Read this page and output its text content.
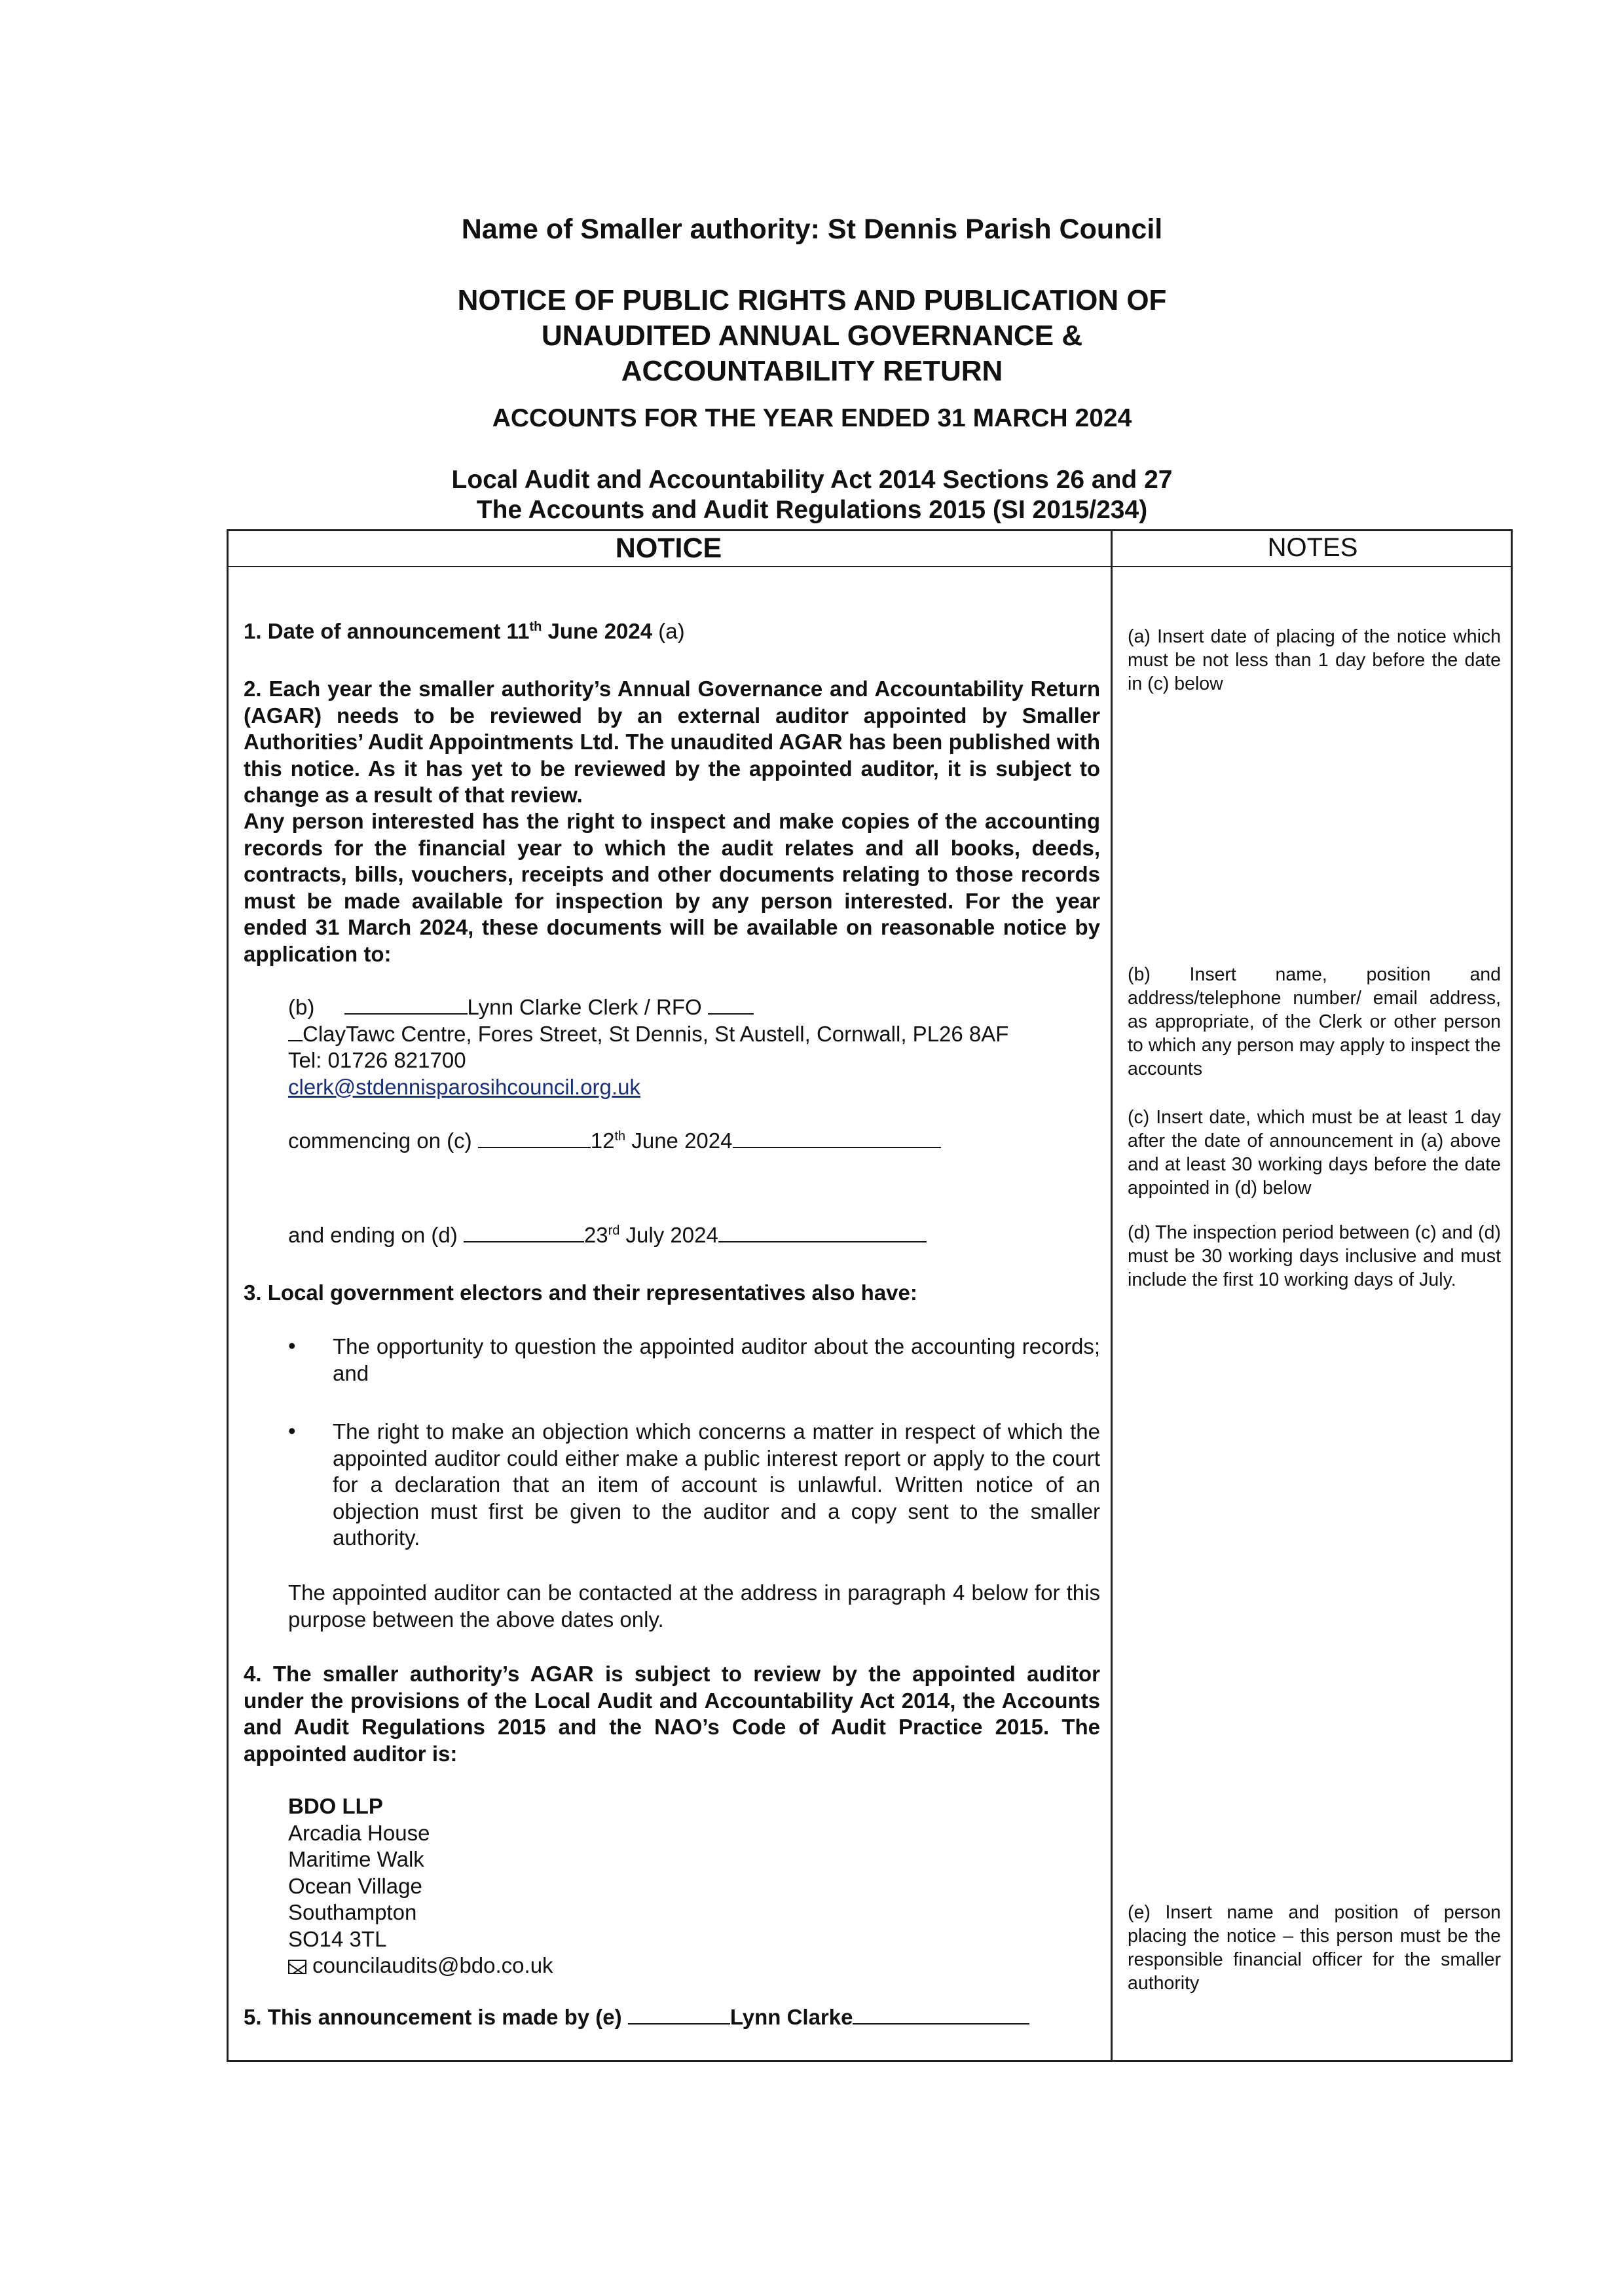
Name of Smaller authority: St Dennis Parish Council
NOTICE OF PUBLIC RIGHTS AND PUBLICATION OF
UNAUDITED ANNUAL GOVERNANCE &
ACCOUNTABILITY RETURN
ACCOUNTS FOR THE YEAR ENDED 31 MARCH 2024
Local Audit and Accountability Act 2014 Sections 26 and 27
The Accounts and Audit Regulations 2015 (SI 2015/234)
NOTICE	NOTES
1. Date of announcement 11th June 2024 (a)
2. Each year the smaller authority’s Annual Governance and Accountability Return (AGAR) needs to be reviewed by an external auditor appointed by Smaller Authorities’ Audit Appointments Ltd. The unaudited AGAR has been published with this notice. As it has yet to be reviewed by the appointed auditor, it is subject to change as a result of that review.
Any person interested has the right to inspect and make copies of the accounting records for the financial year to which the audit relates and all books, deeds, contracts, bills, vouchers, receipts and other documents relating to those records must be made available for inspection by any person interested. For the year ended 31 March 2024, these documents will be available on reasonable notice by application to:
(b)	Lynn Clarke Clerk / RFO
ClayTawc Centre, Fores Street, St Dennis, St Austell, Cornwall, PL26 8AF
Tel: 01726 821700
clerk@stdennisparosihcouncil.org.uk
commencing on (c)	12th June 2024
and ending on (d)	23rd July 2024
3. Local government electors and their representatives also have:
• The opportunity to question the appointed auditor about the accounting records; and
• The right to make an objection which concerns a matter in respect of which the appointed auditor could either make a public interest report or apply to the court for a declaration that an item of account is unlawful. Written notice of an objection must first be given to the auditor and a copy sent to the smaller authority.
The appointed auditor can be contacted at the address in paragraph 4 below for this purpose between the above dates only.
4. The smaller authority’s AGAR is subject to review by the appointed auditor under the provisions of the Local Audit and Accountability Act 2014, the Accounts and Audit Regulations 2015 and the NAO’s Code of Audit Practice 2015. The appointed auditor is:
BDO LLP
Arcadia House
Maritime Walk
Ocean Village
Southampton
SO14 3TL
councilaudits@bdo.co.uk
5. This announcement is made by (e)	Lynn Clarke
(a) Insert date of placing of the notice which must be not less than 1 day before the date in (c) below
(b) Insert name, position and address/telephone number/ email address, as appropriate, of the Clerk or other person to which any person may apply to inspect the accounts
(c) Insert date, which must be at least 1 day after the date of announcement in (a) above and at least 30 working days before the date appointed in (d) below
(d) The inspection period between (c) and (d) must be 30 working days inclusive and must include the first 10 working days of July.
(e) Insert name and position of person placing the notice – this person must be the responsible financial officer for the smaller authority
